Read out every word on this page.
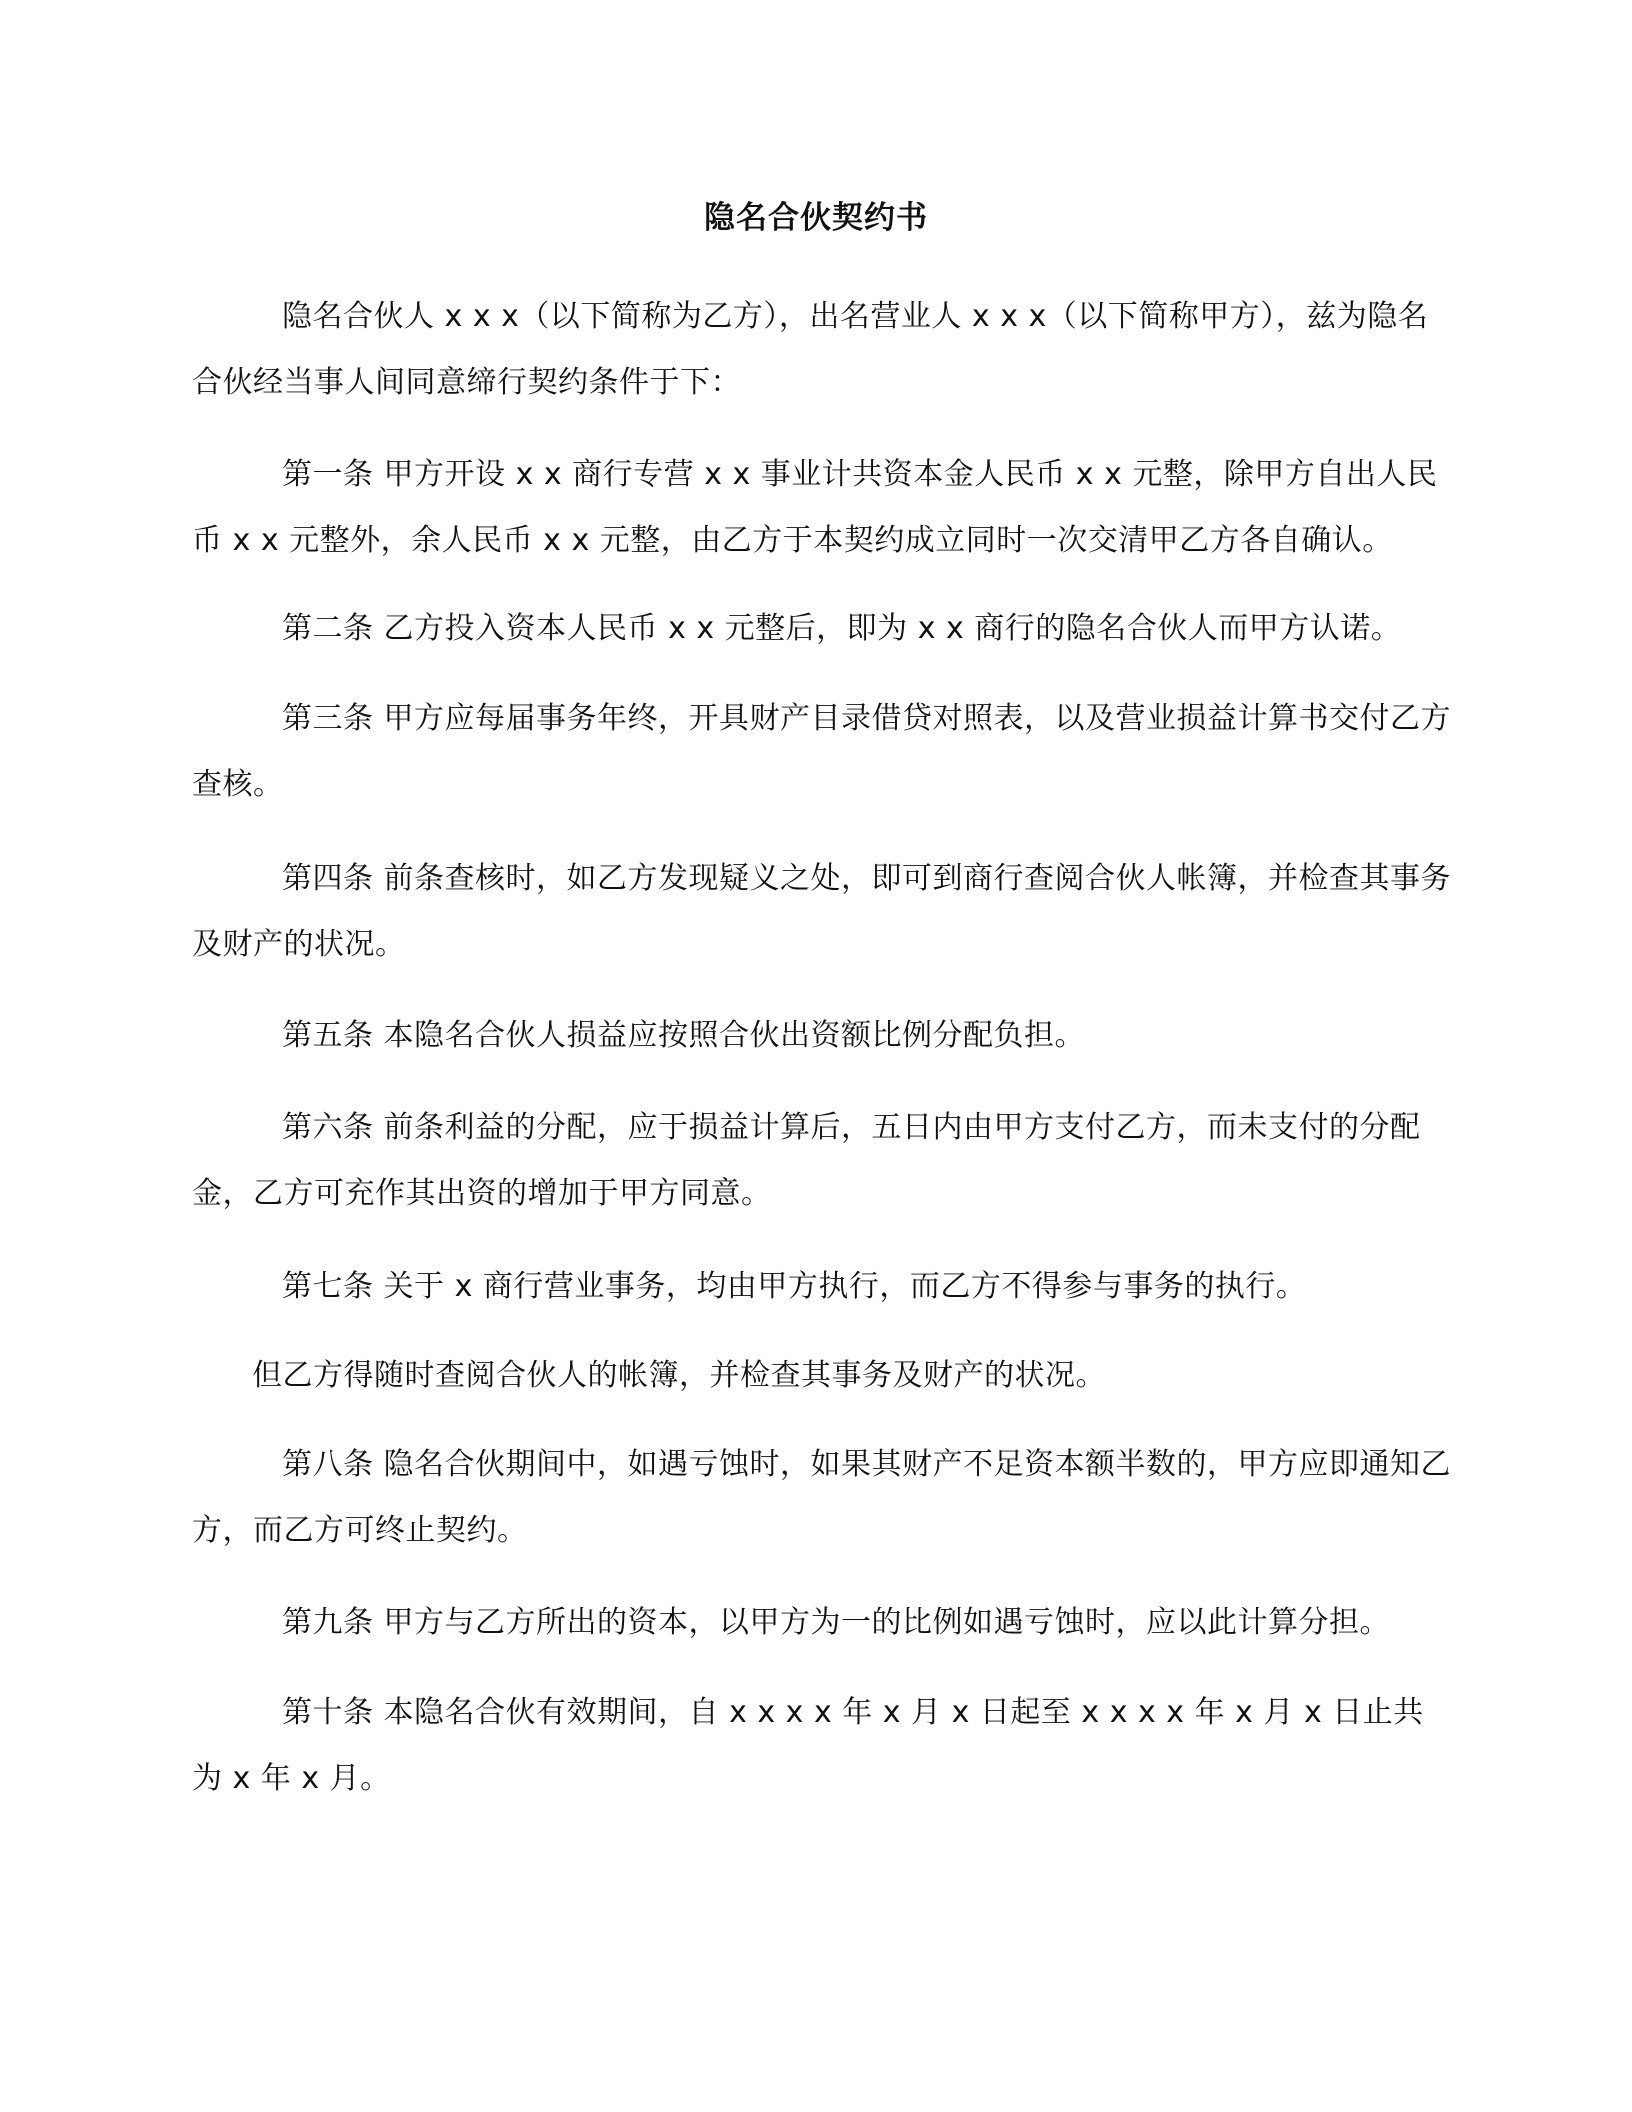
隐名合伙契约书

隐名合伙人 x x x（以下简称为乙方），出名营业人 x x x（以下简称甲方），兹为隐名合伙经当事人间同意缔行契约条件于下：

第一条 甲方开设 x x 商行专营 x x 事业计共资本金人民币 x x 元整，除甲方自出人民币 x x 元整外，余人民币 x x 元整，由乙方于本契约成立同时一次交清甲乙方各自确认。

第二条 乙方投入资本人民币 x x 元整后，即为 x x 商行的隐名合伙人而甲方认诺。

第三条 甲方应每届事务年终，开具财产目录借贷对照表，以及营业损益计算书交付乙方查核。

第四条 前条查核时，如乙方发现疑义之处，即可到商行查阅合伙人帐簿，并检查其事务及财产的状况。

第五条 本隐名合伙人损益应按照合伙出资额比例分配负担。

第六条 前条利益的分配，应于损益计算后，五日内由甲方支付乙方，而未支付的分配金，乙方可充作其出资的增加于甲方同意。

第七条 关于 x 商行营业事务，均由甲方执行，而乙方不得参与事务的执行。

但乙方得随时查阅合伙人的帐簿，并检查其事务及财产的状况。

第八条 隐名合伙期间中，如遇亏蚀时，如果其财产不足资本额半数的，甲方应即通知乙方，而乙方可终止契约。

第九条 甲方与乙方所出的资本，以甲方为一的比例如遇亏蚀时，应以此计算分担。

第十条 本隐名合伙有效期间，自 x x x x 年 x 月 x 日起至 x x x x 年 x 月 x 日止共为 x 年 x 月。
